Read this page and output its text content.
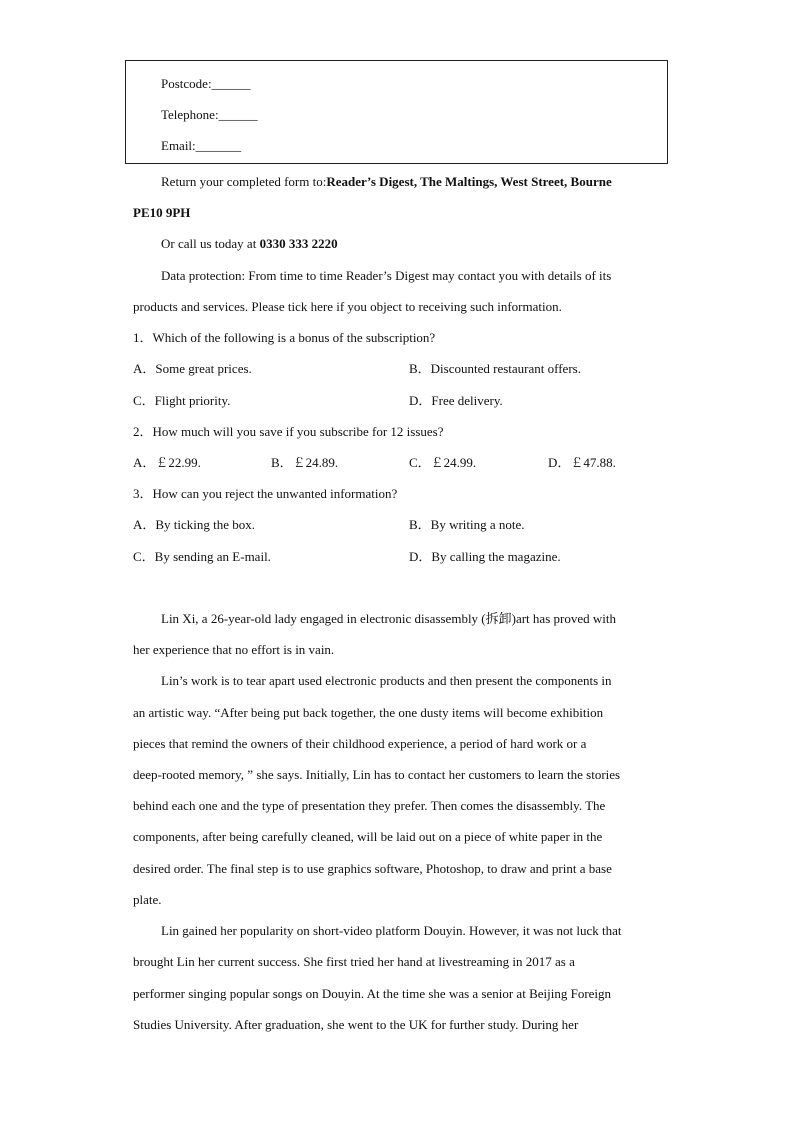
Postcode:______
Telephone:______
Email:_______
Return your completed form to:Reader’s Digest, The Maltings, West Street, Bourne
PE10 9PH
Or call us today at 0330 333 2220
Data protection: From time to time Reader’s Digest may contact you with details of its
products and services. Please tick here if you object to receiving such information.
1．Which of the following is a bonus of the subscription?
A．Some great prices.	B．Discounted restaurant offers.
C．Flight priority.	D．Free delivery.
2．How much will you save if you subscribe for 12 issues?
A．￡22.99.	B．￡24.89.	C．￡24.99.	D．￡47.88.
3．How can you reject the unwanted information?
A．By ticking the box.	B．By writing a note.
C．By sending an E-mail.	D．By calling the magazine.
Lin Xi, a 26-year-old lady engaged in electronic disassembly (拆卸)art has proved with
her experience that no effort is in vain.
Lin’s work is to tear apart used electronic products and then present the components in
an artistic way. “After being put back together, the one dusty items will become exhibition
pieces that remind the owners of their childhood experience, a period of hard work or a
deep-rooted memory, ” she says. Initially, Lin has to contact her customers to learn the stories
behind each one and the type of presentation they prefer. Then comes the disassembly. The
components, after being carefully cleaned, will be laid out on a piece of white paper in the
desired order. The final step is to use graphics software, Photoshop, to draw and print a base
plate.
Lin gained her popularity on short-video platform Douyin. However, it was not luck that
brought Lin her current success. She first tried her hand at livestreaming in 2017 as a
performer singing popular songs on Douyin. At the time she was a senior at Beijing Foreign
Studies University. After graduation, she went to the UK for further study. During her
